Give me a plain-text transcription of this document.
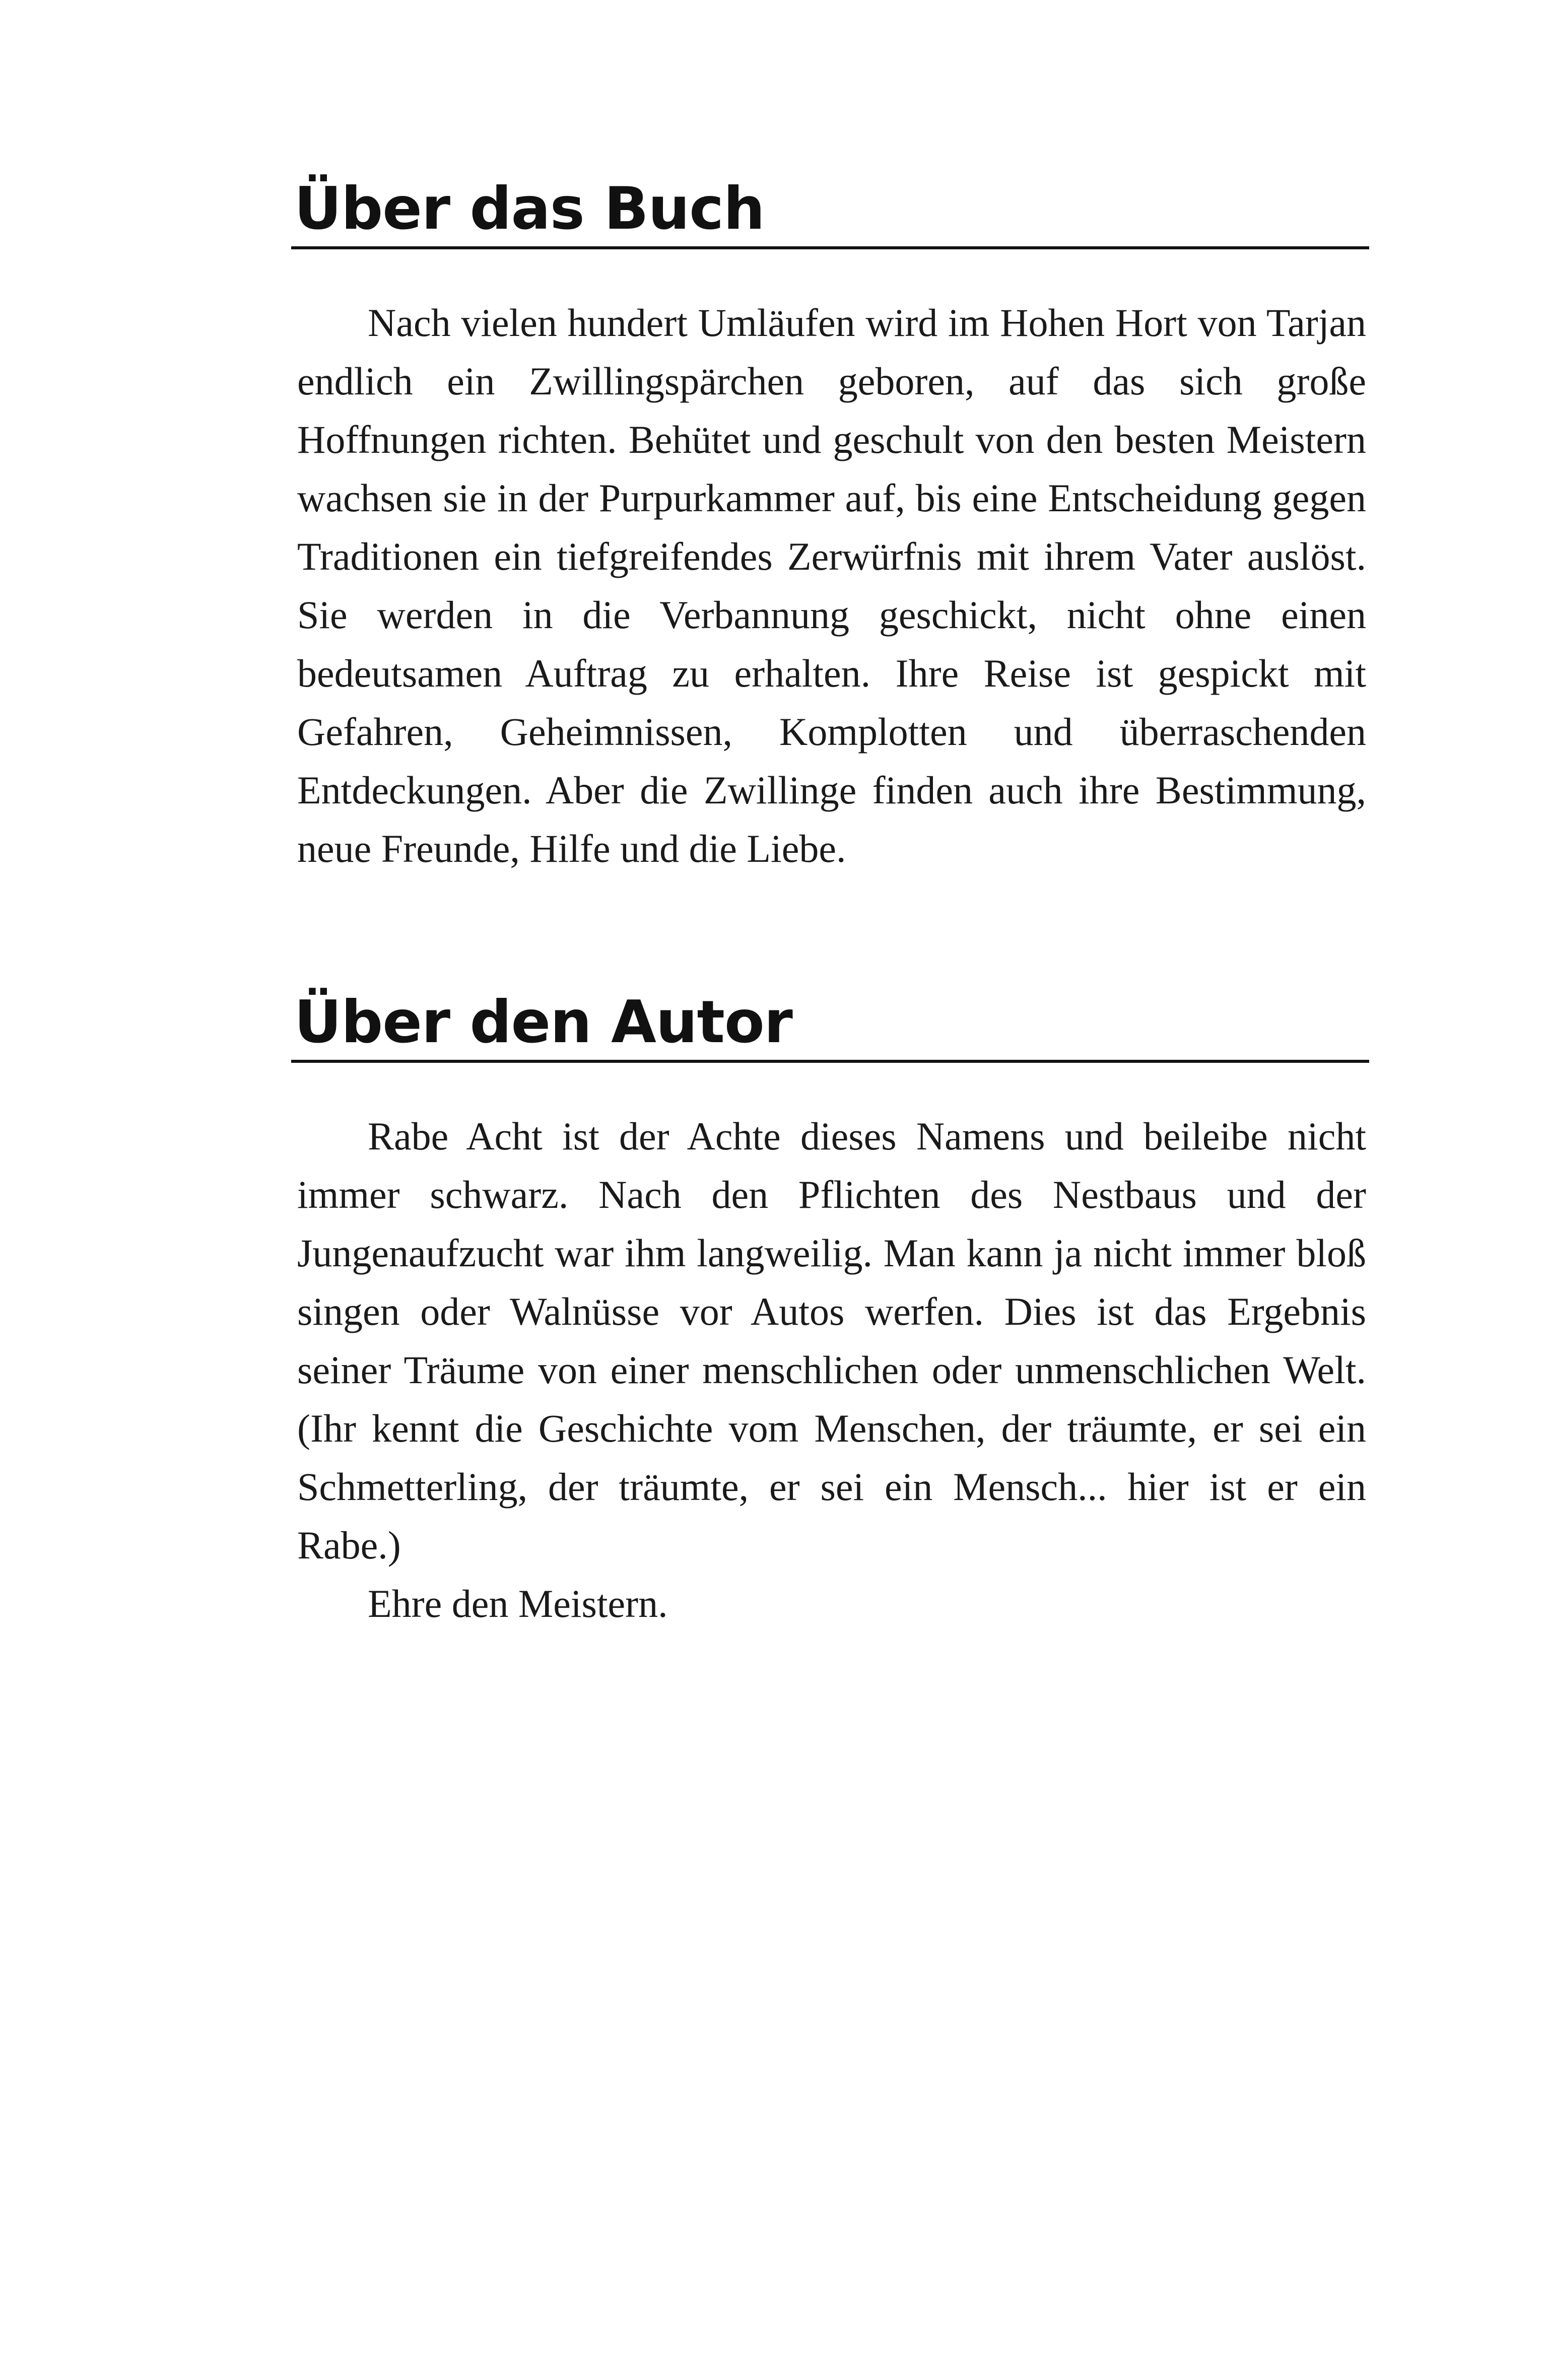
Über das Buch

Nach vielen hundert Umläufen wird im Hohen Hort von Tarjan endlich ein Zwillingspärchen geboren, auf das sich große Hoffnungen richten. Behütet und geschult von den besten Meistern wachsen sie in der Purpurkammer auf, bis eine Entscheidung gegen Traditionen ein tiefgreifendes Zerwürfnis mit ihrem Vater auslöst. Sie werden in die Verbannung geschickt, nicht ohne einen bedeutsamen Auftrag zu erhalten. Ihre Reise ist gespickt mit Gefahren, Geheimnissen, Komplotten und überraschenden Entdeckungen. Aber die Zwillinge finden auch ihre Bestimmung, neue Freunde, Hilfe und die Liebe.

Über den Autor

Rabe Acht ist der Achte dieses Namens und beileibe nicht immer schwarz. Nach den Pflichten des Nestbaus und der Jungenaufzucht war ihm langweilig. Man kann ja nicht immer bloß singen oder Walnüsse vor Autos werfen. Dies ist das Ergebnis seiner Träume von einer menschlichen oder unmenschlichen Welt. (Ihr kennt die Geschichte vom Menschen, der träumte, er sei ein Schmetterling, der träumte, er sei ein Mensch... hier ist er ein Rabe.)

Ehre den Meistern.
